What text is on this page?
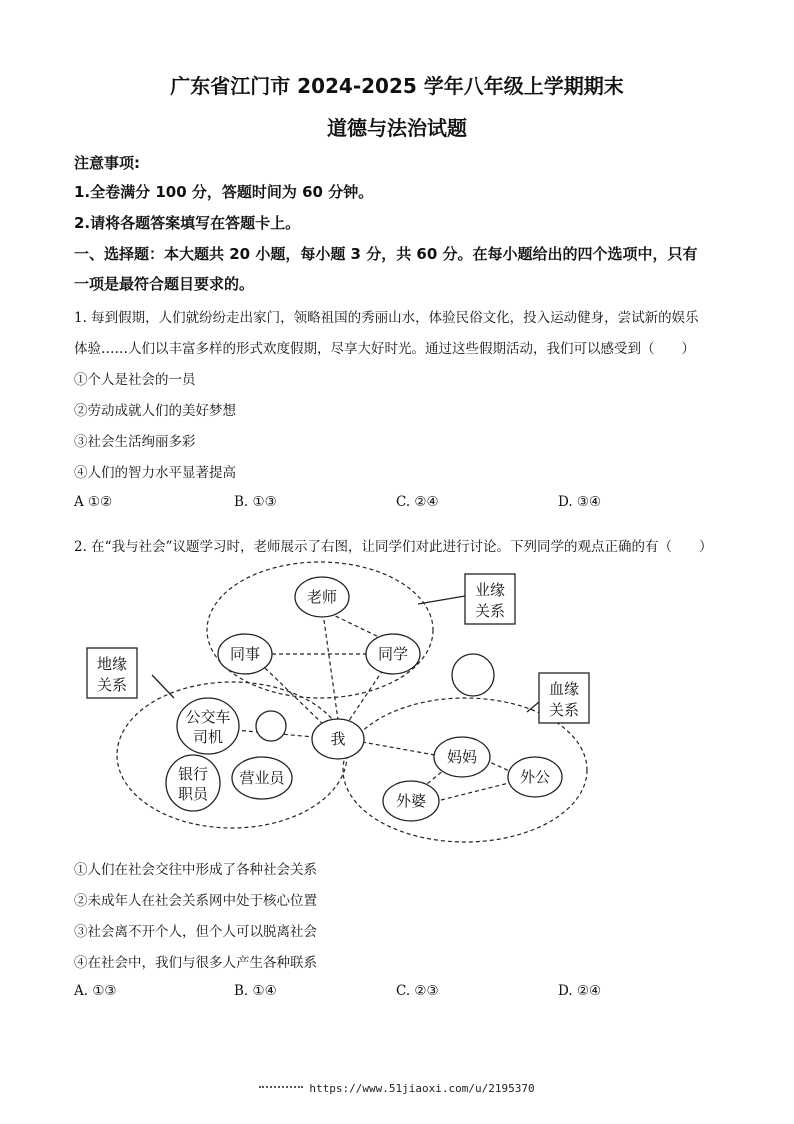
广东省江门市 2024-2025 学年八年级上学期期末
道德与法治试题
注意事项:
1.全卷满分 100 分，答题时间为 60 分钟。
2.请将各题答案填写在答题卡上。
一、选择题：本大题共 20 小题，每小题 3 分，共 60 分。在每小题给出的四个选项中，只有
一项是最符合题目要求的。
1. 每到假期，人们就纷纷走出家门，领略祖国的秀丽山水，体验民俗文化，投入运动健身，尝试新的娱乐
体验……人们以丰富多样的形式欢度假期，尽享大好时光。通过这些假期活动，我们可以感受到（　　）
①个人是社会的一员
②劳动成就人们的美好梦想
③社会生活绚丽多彩
④人们的智力水平显著提高
A ①②	B. ①③	C. ②④	D. ③④
2. 在“我与社会”议题学习时，老师展示了右图，让同学们对此进行讨论。下列同学的观点正确的有（　　）
老师
同事	同学
公交车
司机
银行
职员
营业员
我
妈妈
外公
外婆
业缘
关系
地缘
关系	血缘
关系
①人们在社会交往中形成了各种社会关系
②未成年人在社会关系网中处于核心位置
③社会离不开个人，但个人可以脱离社会
④在社会中，我们与很多人产生各种联系
A. ①③	B. ①④	C. ②③	D. ②④
https://www.51jiaoxi.com/u/2195370
